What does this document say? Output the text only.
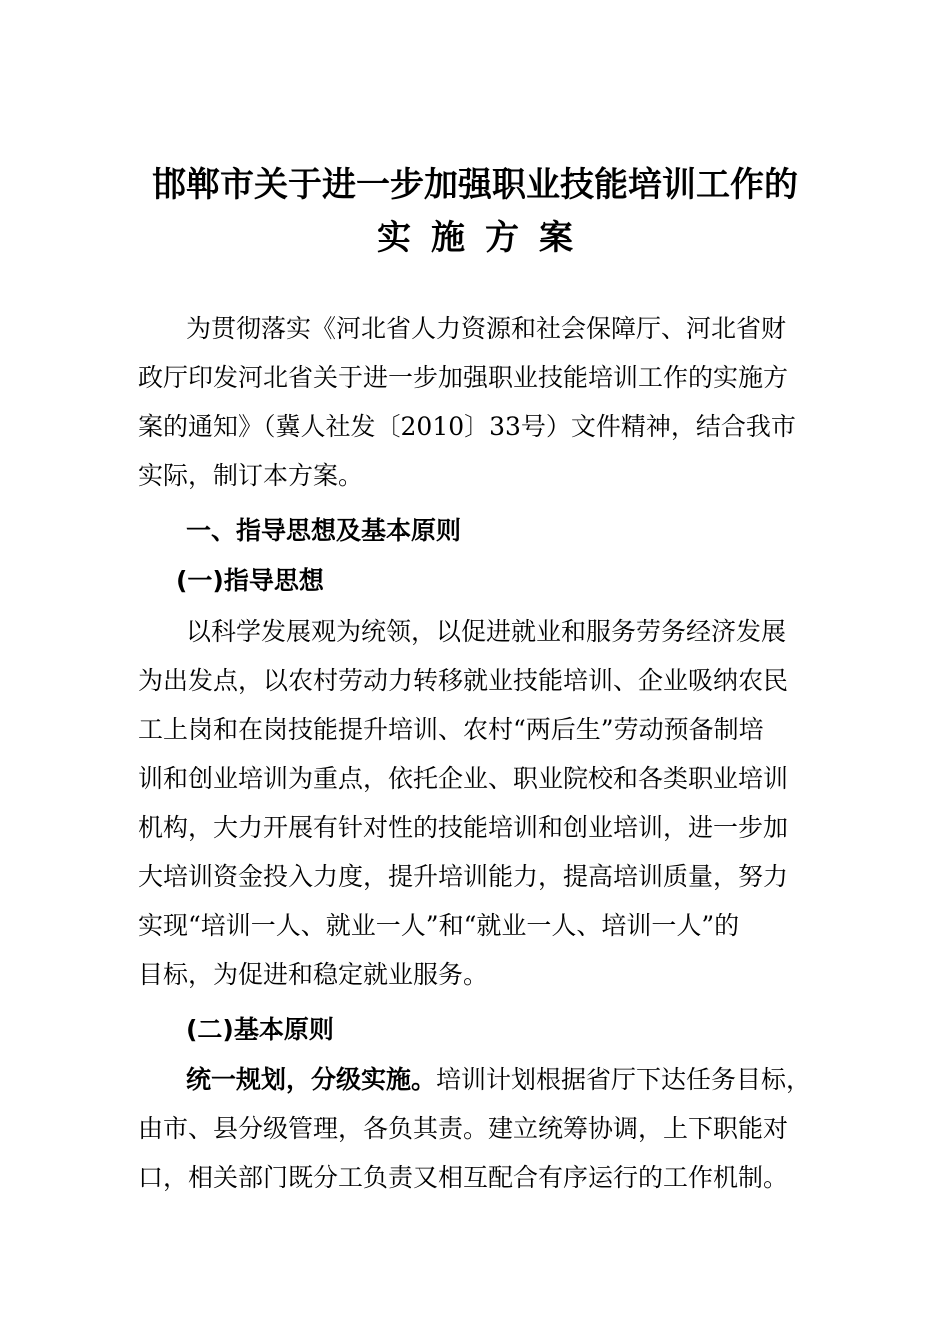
邯郸市关于进一步加强职业技能培训工作的
实施方案
为贯彻落实《河北省人力资源和社会保障厅、河北省财
政厅印发河北省关于进一步加强职业技能培训工作的实施方
案的通知》（冀人社发〔2010〕33号）文件精神，结合我市
实际，制订本方案。
一、指导思想及基本原则
(一)指导思想
以科学发展观为统领，以促进就业和服务劳务经济发展
为出发点，以农村劳动力转移就业技能培训、企业吸纳农民
工上岗和在岗技能提升培训、农村“两后生”劳动预备制培
训和创业培训为重点，依托企业、职业院校和各类职业培训
机构，大力开展有针对性的技能培训和创业培训，进一步加
大培训资金投入力度，提升培训能力，提高培训质量，努力
实现“培训一人、就业一人”和“就业一人、培训一人”的
目标，为促进和稳定就业服务。
(二)基本原则
统一规划，分级实施。培训计划根据省厅下达任务目标，
由市、县分级管理，各负其责。建立统筹协调，上下职能对
口，相关部门既分工负责又相互配合有序运行的工作机制。
